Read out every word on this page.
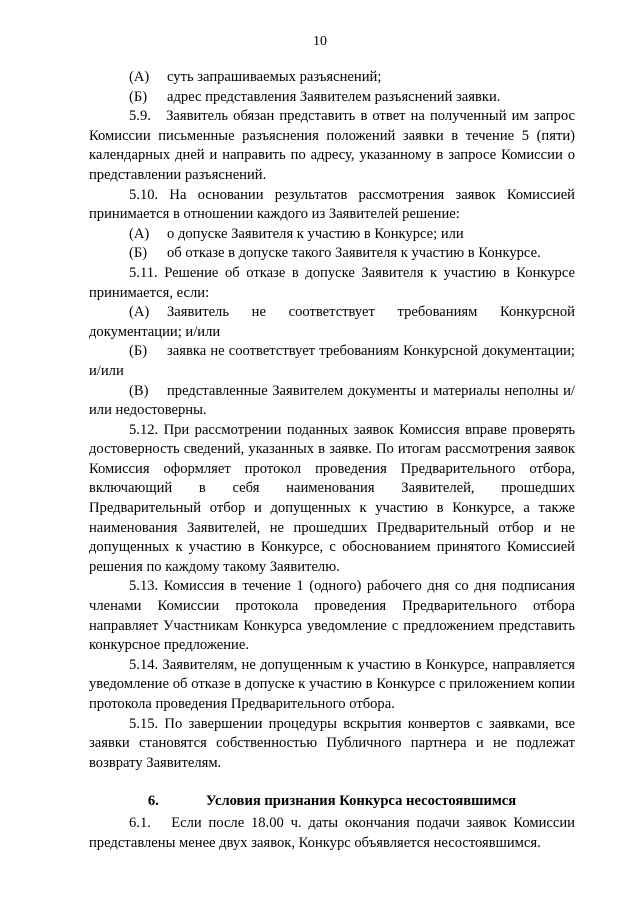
10

(А) суть запрашиваемых разъяснений;

(Б) адрес представления Заявителем разъяснений заявки.

5.9.   Заявитель обязан представить в ответ на полученный им запрос Комиссии письменные разъяснения положений заявки в течение 5 (пяти) календарных дней и направить по адресу, указанному в запросе Комиссии о представлении разъяснений.

5.10. На основании результатов рассмотрения заявок Комиссией принимается в отношении каждого из Заявителей решение:

(А) о допуске Заявителя к участию в Конкурсе; или

(Б) об отказе в допуске такого Заявителя к участию в Конкурсе.

5.11. Решение об отказе в допуске Заявителя к участию в Конкурсе принимается, если:

(А) Заявитель не соответствует требованиям Конкурсной документации; и/или

(Б) заявка не соответствует требованиям Конкурсной документации; и/или

(В) представленные Заявителем документы и материалы неполны и/или недостоверны.

5.12. При рассмотрении поданных заявок Комиссия вправе проверять достоверность сведений, указанных в заявке. По итогам рассмотрения заявок Комиссия оформляет протокол проведения Предварительного отбора, включающий в себя наименования Заявителей, прошедших Предварительный отбор и допущенных к участию в Конкурсе, а также наименования Заявителей, не прошедших Предварительный отбор и не допущенных к участию в Конкурсе, с обоснованием принятого Комиссией решения по каждому такому Заявителю.

5.13. Комиссия в течение 1 (одного) рабочего дня со дня подписания членами Комиссии протокола проведения Предварительного отбора направляет Участникам Конкурса уведомление с предложением представить конкурсное предложение.

5.14. Заявителям, не допущенным к участию в Конкурсе, направляется уведомление об отказе в допуске к участию в Конкурсе с приложением копии протокола проведения Предварительного отбора.

5.15. По завершении процедуры вскрытия конвертов с заявками, все заявки становятся собственностью Публичного партнера и не подлежат возврату Заявителям.

6.	Условия признания Конкурса несостоявшимся

6.1.   Если после 18.00 ч. даты окончания подачи заявок Комиссии представлены менее двух заявок, Конкурс объявляется несостоявшимся.
